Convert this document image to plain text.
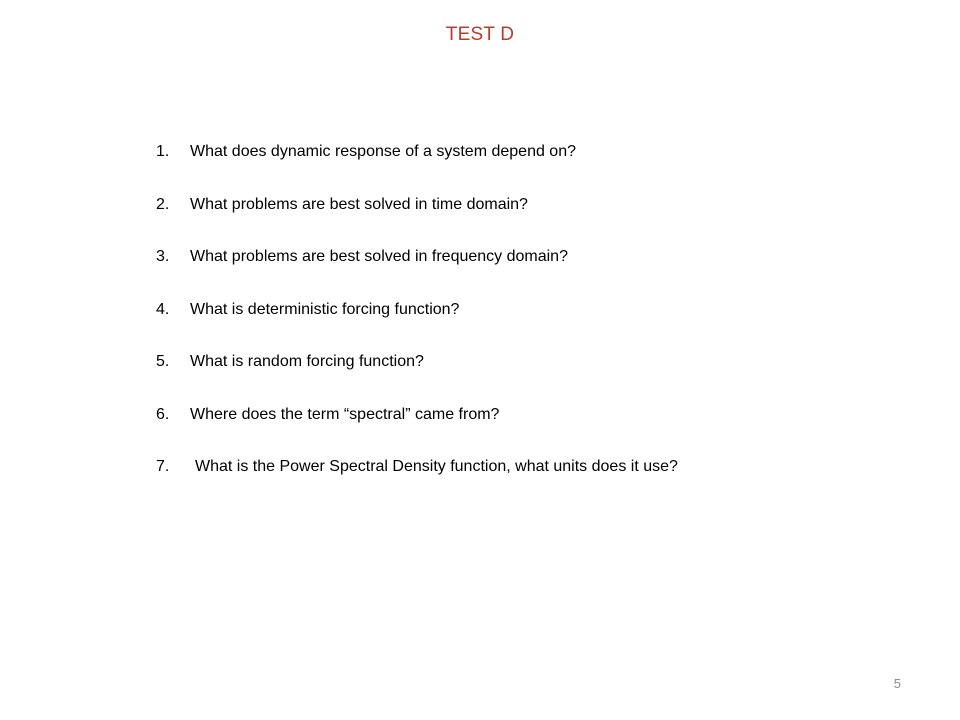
TEST D
1. What does dynamic response of a system depend on?
2. What problems are best solved in time domain?
3. What problems are best solved in frequency domain?
4. What is deterministic forcing function?
5. What is random forcing function?
6. Where does the term “spectral” came from?
7. What is the Power Spectral Density function, what units does it use?
5
